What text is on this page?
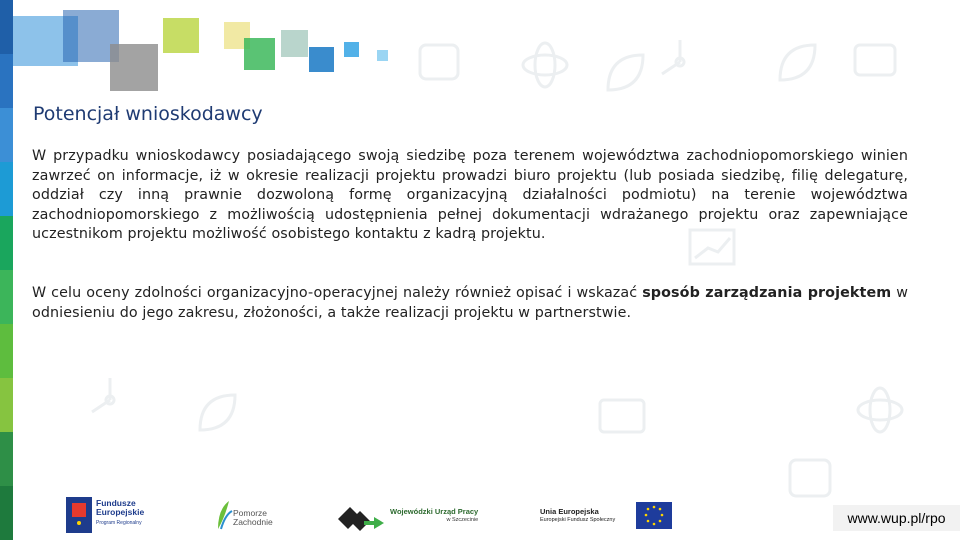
Potencjał wnioskodawcy
W przypadku wnioskodawcy posiadającego swoją siedzibę poza terenem województwa zachodniopomorskiego winien zawrzeć on informacje, iż w okresie realizacji projektu prowadzi biuro projektu (lub posiada siedzibę, filię delegaturę, oddział czy inną prawnie dozwoloną formę organizacyjną działalności podmiotu) na terenie województwa zachodniopomorskiego z możliwością udostępnienia pełnej dokumentacji wdrażanego projektu oraz zapewniające uczestnikom projektu możliwość osobistego kontaktu z kadrą projektu.
W celu oceny zdolności organizacyjno-operacyjnej należy również opisać i wskazać sposób zarządzania projektem w odniesieniu do jego zakresu, złożoności, a także realizacji projektu w partnerstwie.
Fundusze
Europejskie
Program Regionalny
Pomorze
Zachodnie
Wojewódzki Urząd Pracy
w Szczecinie
Unia Europejska
Europejski Fundusz Społeczny	www.wup.pl/rpo
